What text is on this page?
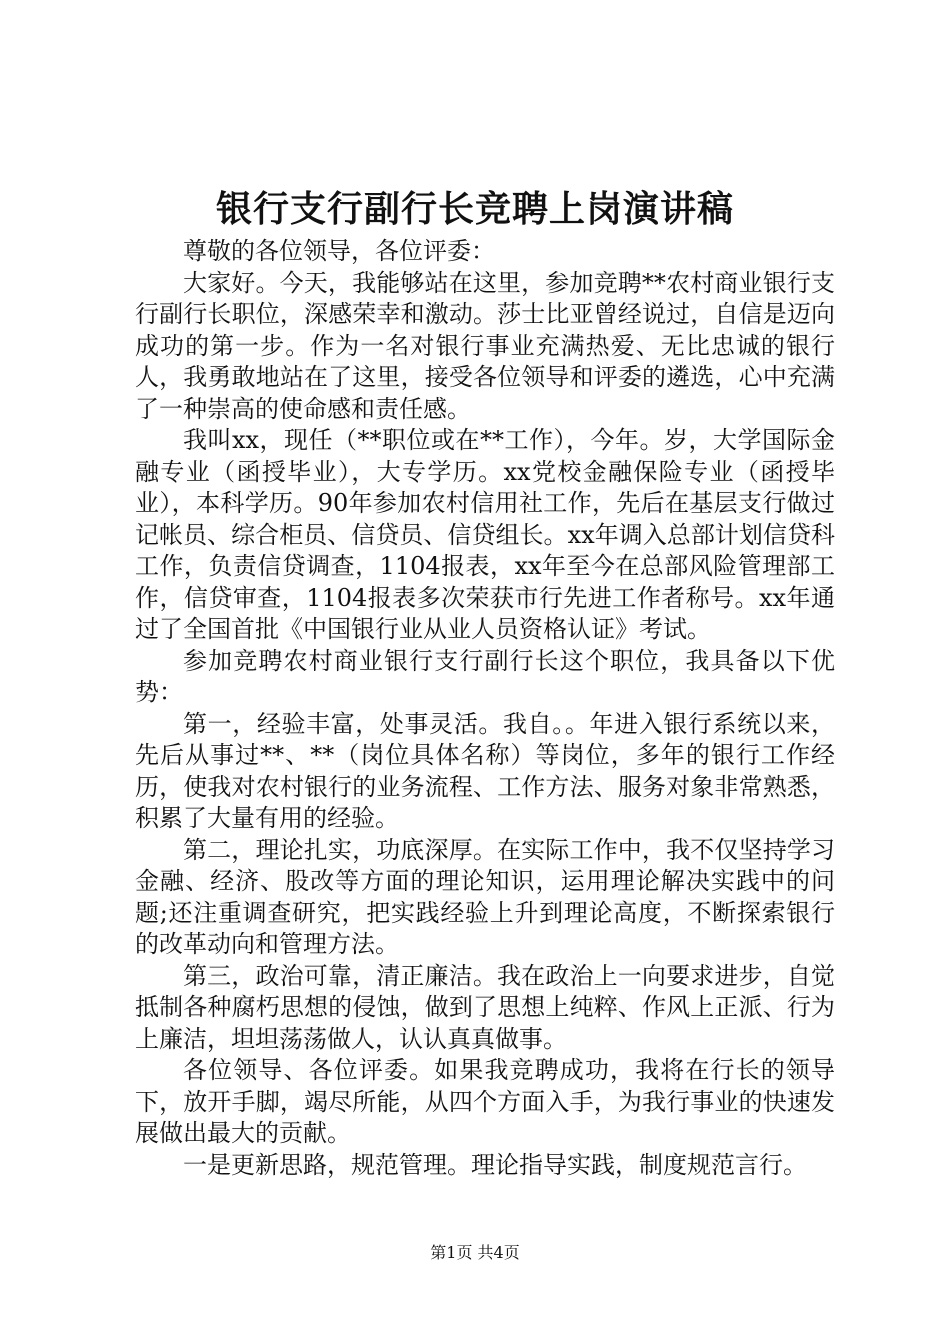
银行支行副行长竞聘上岗演讲稿

尊敬的各位领导，各位评委：

大家好。今天，我能够站在这里，参加竞聘**农村商业银行支行副行长职位，深感荣幸和激动。莎士比亚曾经说过，自信是迈向成功的第一步。作为一名对银行事业充满热爱、无比忠诚的银行人，我勇敢地站在了这里，接受各位领导和评委的遴选，心中充满了一种崇高的使命感和责任感。

我叫xx，现任（**职位或在**工作），今年。岁，大学国际金融专业（函授毕业），大专学历。xx党校金融保险专业（函授毕业），本科学历。90年参加农村信用社工作，先后在基层支行做过记帐员、综合柜员、信贷员、信贷组长。xx年调入总部计划信贷科工作，负责信贷调查，1104报表，xx年至今在总部风险管理部工作，信贷审查，1104报表多次荣获市行先进工作者称号。xx年通过了全国首批《中国银行业从业人员资格认证》考试。

参加竞聘农村商业银行支行副行长这个职位，我具备以下优势：

第一，经验丰富，处事灵活。我自。。年进入银行系统以来，先后从事过**、**（岗位具体名称）等岗位，多年的银行工作经历，使我对农村银行的业务流程、工作方法、服务对象非常熟悉，积累了大量有用的经验。

第二，理论扎实，功底深厚。在实际工作中，我不仅坚持学习金融、经济、股改等方面的理论知识，运用理论解决实践中的问题;还注重调查研究，把实践经验上升到理论高度，不断探索银行的改革动向和管理方法。

第三，政治可靠，清正廉洁。我在政治上一向要求进步，自觉抵制各种腐朽思想的侵蚀，做到了思想上纯粹、作风上正派、行为上廉洁，坦坦荡荡做人，认认真真做事。

各位领导、各位评委。如果我竞聘成功，我将在行长的领导下，放开手脚，竭尽所能，从四个方面入手，为我行事业的快速发展做出最大的贡献。

一是更新思路，规范管理。理论指导实践，制度规范言行。

第1页 共4页
